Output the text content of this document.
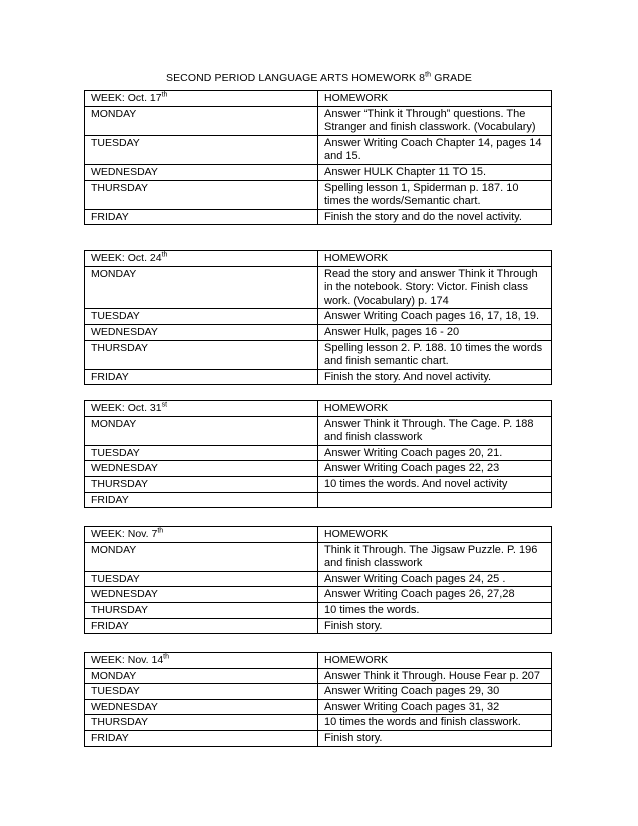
SECOND PERIOD LANGUAGE ARTS HOMEWORK 8th GRADE
WEEK: Oct. 17th	HOMEWORK
MONDAY	Answer “Think it Through” questions. The Stranger and finish classwork. (Vocabulary)
TUESDAY	Answer Writing Coach Chapter 14, pages 14 and 15.
WEDNESDAY	Answer HULK Chapter 11 TO 15.
THURSDAY	Spelling lesson 1, Spiderman p. 187. 10 times the words/Semantic chart.
FRIDAY	Finish the story and do the novel activity.
WEEK: Oct. 24th	HOMEWORK
MONDAY	Read the story and answer Think it Through in the notebook. Story: Victor. Finish class work. (Vocabulary) p. 174
TUESDAY	Answer Writing Coach pages 16, 17, 18, 19.
WEDNESDAY	Answer Hulk, pages 16 - 20
THURSDAY	Spelling lesson 2. P. 188. 10 times the words and finish semantic chart.
FRIDAY	Finish the story. And novel activity.
WEEK: Oct. 31st	HOMEWORK
MONDAY	Answer Think it Through. The Cage. P. 188 and finish classwork
TUESDAY	Answer Writing Coach pages 20, 21.
WEDNESDAY	Answer Writing Coach pages 22, 23
THURSDAY	10 times the words. And novel activity
FRIDAY	
WEEK: Nov. 7th	HOMEWORK
MONDAY	Think it Through. The Jigsaw Puzzle. P. 196 and finish classwork
TUESDAY	Answer Writing Coach pages 24, 25 .
WEDNESDAY	Answer Writing Coach pages 26, 27,28
THURSDAY	10 times the words.
FRIDAY	Finish story.
WEEK: Nov. 14th	HOMEWORK
MONDAY	Answer Think it Through. House Fear p. 207
TUESDAY	Answer Writing Coach pages 29, 30
WEDNESDAY	Answer Writing Coach pages 31, 32
THURSDAY	10 times the words and finish classwork.
FRIDAY	Finish story.
